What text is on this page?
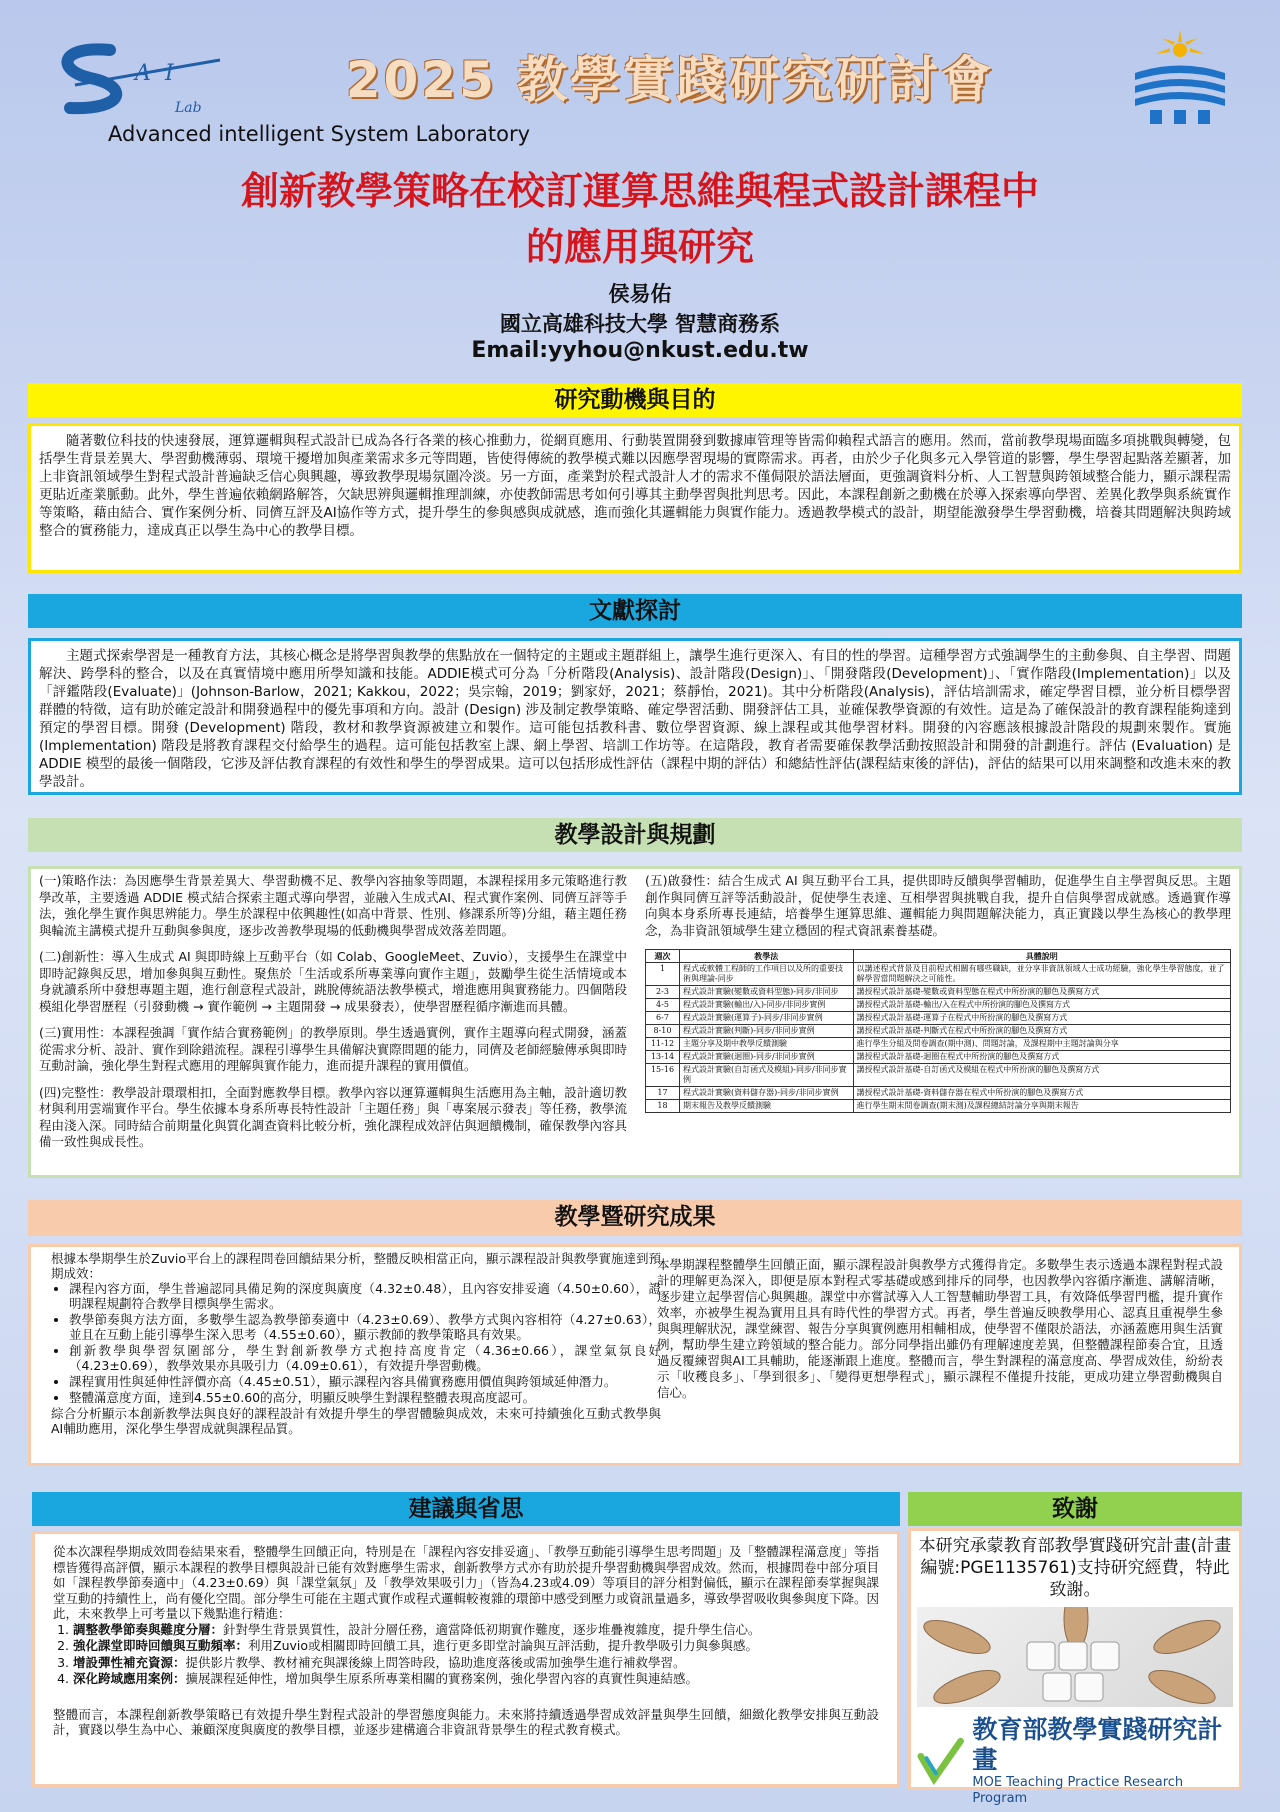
A I
Lab
Advanced intelligent System Laboratory
2025 教學實踐研究研討會
創新教學策略在校訂運算思維與程式設計課程中
的應用與研究
侯易佑
國立高雄科技大學 智慧商務系
Email:yyhou@nkust.edu.tw
研究動機與目的

隨著數位科技的快速發展，運算邏輯與程式設計已成為各行各業的核心推動力，從網頁應用、行動裝置開發到數據庫管理等皆需仰賴程式語言的應用。然而，當前教學現場面臨多項挑戰與轉變，包括學生背景差異大、學習動機薄弱、環境干擾增加與產業需求多元等問題，皆使得傳統的教學模式難以因應學習現場的實際需求。再者，由於少子化與多元入學管道的影響，學生學習起點落差顯著，加上非資訊領域學生對程式設計普遍缺乏信心與興趣，導致教學現場氛圍冷淡。另一方面，產業對於程式設計人才的需求不僅侷限於語法層面，更強調資料分析、人工智慧與跨領域整合能力，顯示課程需更貼近產業脈動。此外，學生普遍依賴網路解答，欠缺思辨與邏輯推理訓練，亦使教師需思考如何引導其主動學習與批判思考。因此，本課程創新之動機在於導入探索導向學習、差異化教學與系統實作等策略，藉由結合、實作案例分析、同儕互評及AI協作等方式，提升學生的參與感與成就感，進而強化其邏輯能力與實作能力。透過教學模式的設計，期望能激發學生學習動機，培養其問題解決與跨域整合的實務能力，達成真正以學生為中心的教學目標。

文獻探討

主題式探索學習是一種教育方法，其核心概念是將學習與教學的焦點放在一個特定的主題或主題群組上，讓學生進行更深入、有目的性的學習。這種學習方式強調學生的主動參與、自主學習、問題解決、跨學科的整合，以及在真實情境中應用所學知識和技能。ADDIE模式可分為「分析階段(Analysis)、設計階段(Design)」、「開發階段(Development)」、「實作階段(Implementation)」以及「評鑑階段(Evaluate)」(Johnson-Barlow，2021; Kakkou，2022；吳宗翰，2019；劉家妤，2021；蔡靜怡，2021)。其中分析階段(Analysis)，評估培訓需求，確定學習目標，並分析目標學習群體的特徵，這有助於確定設計和開發過程中的優先事項和方向。設計 (Design) 涉及制定教學策略、確定學習活動、開發評估工具，並確保教學資源的有效性。這是為了確保設計的教育課程能夠達到預定的學習目標。開發 (Development) 階段，教材和教學資源被建立和製作。這可能包括教科書、數位學習資源、線上課程或其他學習材料。開發的內容應該根據設計階段的規劃來製作。實施 (Implementation) 階段是將教育課程交付給學生的過程。這可能包括教室上課、網上學習、培訓工作坊等。在這階段，教育者需要確保教學活動按照設計和開發的計劃進行。評估 (Evaluation) 是 ADDIE 模型的最後一個階段，它涉及評估教育課程的有效性和學生的學習成果。這可以包括形成性評估（課程中期的評估）和總結性評估(課程結束後的評估)，評估的結果可以用來調整和改進未來的教學設計。

教學設計與規劃

(一)策略作法：為因應學生背景差異大、學習動機不足、教學內容抽象等問題，本課程採用多元策略進行教學改革，主要透過 ADDIE 模式結合探索主題式導向學習，並融入生成式AI、程式實作案例、同儕互評等手法，強化學生實作與思辨能力。學生於課程中依興趣性(如高中背景、性別、修課系所等)分組，藉主題任務與輪流主講模式提升互動與參與度，逐步改善教學現場的低動機與學習成效落差問題。

(二)創新性：導入生成式 AI 與即時線上互動平台（如 Colab、GoogleMeet、Zuvio），支援學生在課堂中即時記錄與反思，增加參與與互動性。聚焦於「生活或系所專業導向實作主題」，鼓勵學生從生活情境或本身就讀系所中發想專題主題，進行創意程式設計，跳脫傳統語法教學模式，增進應用與實務能力。四個階段模組化學習歷程（引發動機 → 實作範例 → 主題開發 → 成果發表），使學習歷程循序漸進而具體。

(三)實用性：本課程強調「實作結合實務範例」的教學原則。學生透過實例，實作主題導向程式開發，涵蓋從需求分析、設計、實作到除錯流程。課程引導學生具備解決實際問題的能力，同儕及老師經驗傳承與即時互動討論，強化學生對程式應用的理解與實作能力，進而提升課程的實用價值。

(四)完整性：教學設計環環相扣，全面對應教學目標。教學內容以運算邏輯與生活應用為主軸，設計適切教材與利用雲端實作平台。學生依據本身系所專長特性設計「主題任務」與「專案展示發表」等任務，教學流程由淺入深。同時結合前期量化與質化調查資料比較分析，強化課程成效評估與迴饋機制，確保教學內容具備一致性與成長性。

(五)啟發性：結合生成式 AI 與互動平台工具，提供即時反饋與學習輔助，促進學生自主學習與反思。主題創作與同儕互評等活動設計，促使學生表達、互相學習與挑戰自我，提升自信與學習成就感。透過實作導向與本身系所專長連結，培養學生運算思維、邏輯能力與問題解決能力，真正實踐以學生為核心的教學理念，為非資訊領域學生建立穩固的程式資訊素養基礎。

週次	教學法	具體說明
1	程式或軟體工程師的工作項目以及所的重要技術與理論-同步	以講述程式背景及目前程式相關有哪些職缺，並分享非資訊領域人士成功經驗，強化學生學習態度，並了解學習當問題解決之可能性。
2-3	程式設計實驗(變數或資料型態)-同步/非同步	講授程式設計基礎-變數或資料型態在程式中所扮演的腳色及撰寫方式
4-5	程式設計實驗(輸出/入)-同步/非同步實例	講授程式設計基礎-輸出/入在程式中所扮演的腳色及撰寫方式
6-7	程式設計實驗(運算子)-同步/非同步實例	講授程式設計基礎-運算子在程式中所扮演的腳色及撰寫方式
8-10	程式設計實驗(判斷)-同步/非同步實例	講授程式設計基礎-判斷式在程式中所扮演的腳色及撰寫方式
11-12	主題分享及期中教學反饋測驗	進行學生分組及問卷調查(期中測)、問題討論，及課程期中主題討論與分享
13-14	程式設計實驗(迴圈)-同步/非同步實例	講授程式設計基礎-迴圈在程式中所扮演的腳色及撰寫方式
15-16	程式設計實驗(自訂函式及模組)-同步/非同步實例	講授程式設計基礎-自訂函式及模組在程式中所扮演的腳色及撰寫方式
17	程式設計實驗(資料儲存器)-同步/非同步實例	講授程式設計基礎-資料儲存器在程式中所扮演的腳色及撰寫方式
18	期末報告及教學反饋測驗	進行學生期末問卷調查(期末測)及課程總結討論分享與期末報告
教學暨研究成果
根據本學期學生於Zuvio平台上的課程問卷回饋結果分析，整體反映相當正向，顯示課程設計與教學實施達到預期成效：
• 課程內容方面，學生普遍認同具備足夠的深度與廣度（4.32±0.48），且內容安排妥適（4.50±0.60），證明課程規劃符合教學目標與學生需求。
• 教學節奏與方法方面，多數學生認為教學節奏適中（4.23±0.69）、教學方式與內容相符（4.27±0.63），並且在互動上能引導學生深入思考（4.55±0.60），顯示教師的教學策略具有效果。
• 創新教學與學習氛圍部分，學生對創新教學方式抱持高度肯定（4.36±0.66），課堂氣氛良好（4.23±0.69），教學效果亦具吸引力（4.09±0.61），有效提升學習動機。
• 課程實用性與延伸性評價亦高（4.45±0.51），顯示課程內容具備實務應用價值與跨領域延伸潛力。
• 整體滿意度方面，達到4.55±0.60的高分，明顯反映學生對課程整體表現高度認可。
綜合分析顯示本創新教學法與良好的課程設計有效提升學生的學習體驗與成效，未來可持續強化互動式教學與AI輔助應用，深化學生學習成就與課程品質。
本學期課程整體學生回饋正面，顯示課程設計與教學方式獲得肯定。多數學生表示透過本課程對程式設計的理解更為深入，即便是原本對程式零基礎或感到排斥的同學，也因教學內容循序漸進、講解清晰，逐步建立起學習信心與興趣。課堂中亦嘗試導入人工智慧輔助學習工具，有效降低學習門檻，提升實作效率，亦被學生視為實用且具有時代性的學習方式。再者，學生普遍反映教學用心、認真且重視學生參與與理解狀況，課堂練習、報告分享與實例應用相輔相成，使學習不僅限於語法，亦涵蓋應用與生活實例，幫助學生建立跨領域的整合能力。部分同學指出雖仍有理解速度差異，但整體課程節奏合宜，且透過反覆練習與AI工具輔助，能逐漸跟上進度。整體而言，學生對課程的滿意度高、學習成效佳，紛紛表示「收穫良多」、「學到很多」、「變得更想學程式」，顯示課程不僅提升技能，更成功建立學習動機與自信心。
建議與省思
從本次課程學期成效問卷結果來看，整體學生回饋正向，特別是在「課程內容安排妥適」、「教學互動能引導學生思考問題」及「整體課程滿意度」等指標皆獲得高評價，顯示本課程的教學目標與設計已能有效對應學生需求，創新教學方式亦有助於提升學習動機與學習成效。然而，根據問卷中部分項目如「課程教學節奏適中」（4.23±0.69）與「課堂氣氛」及「教學效果吸引力」（皆為4.23或4.09）等項目的評分相對偏低，顯示在課程節奏掌握與課堂互動的持續性上，尚有優化空間。部分學生可能在主題式實作或程式邏輯較複雜的環節中感受到壓力或資訊量過多，導致學習吸收與參與度下降。因此，未來教學上可考量以下幾點進行精進：
1. 調整教學節奏與難度分層：針對學生背景異質性，設計分層任務，適當降低初期實作難度，逐步堆疊複雜度，提升學生信心。
2. 強化課堂即時回饋與互動頻率：利用Zuvio或相關即時回饋工具，進行更多即堂討論與互評活動，提升教學吸引力與參與感。
3. 增設彈性補充資源：提供影片教學、教材補充與課後線上問答時段，協助進度落後或需加強學生進行補救學習。
4. 深化跨域應用案例：擴展課程延伸性，增加與學生原系所專業相關的實務案例，強化學習內容的真實性與連結感。
整體而言，本課程創新教學策略已有效提升學生對程式設計的學習態度與能力。未來將持續透過學習成效評量與學生回饋，細緻化教學安排與互動設計，實踐以學生為中心、兼顧深度與廣度的教學目標，並逐步建構適合非資訊背景學生的程式教育模式。
致謝
本研究承蒙教育部教學實踐研究計畫(計畫編號:PGE1135761)支持研究經費，特此致謝。
教育部教學實踐研究計畫
MOE Teaching Practice Research Program
